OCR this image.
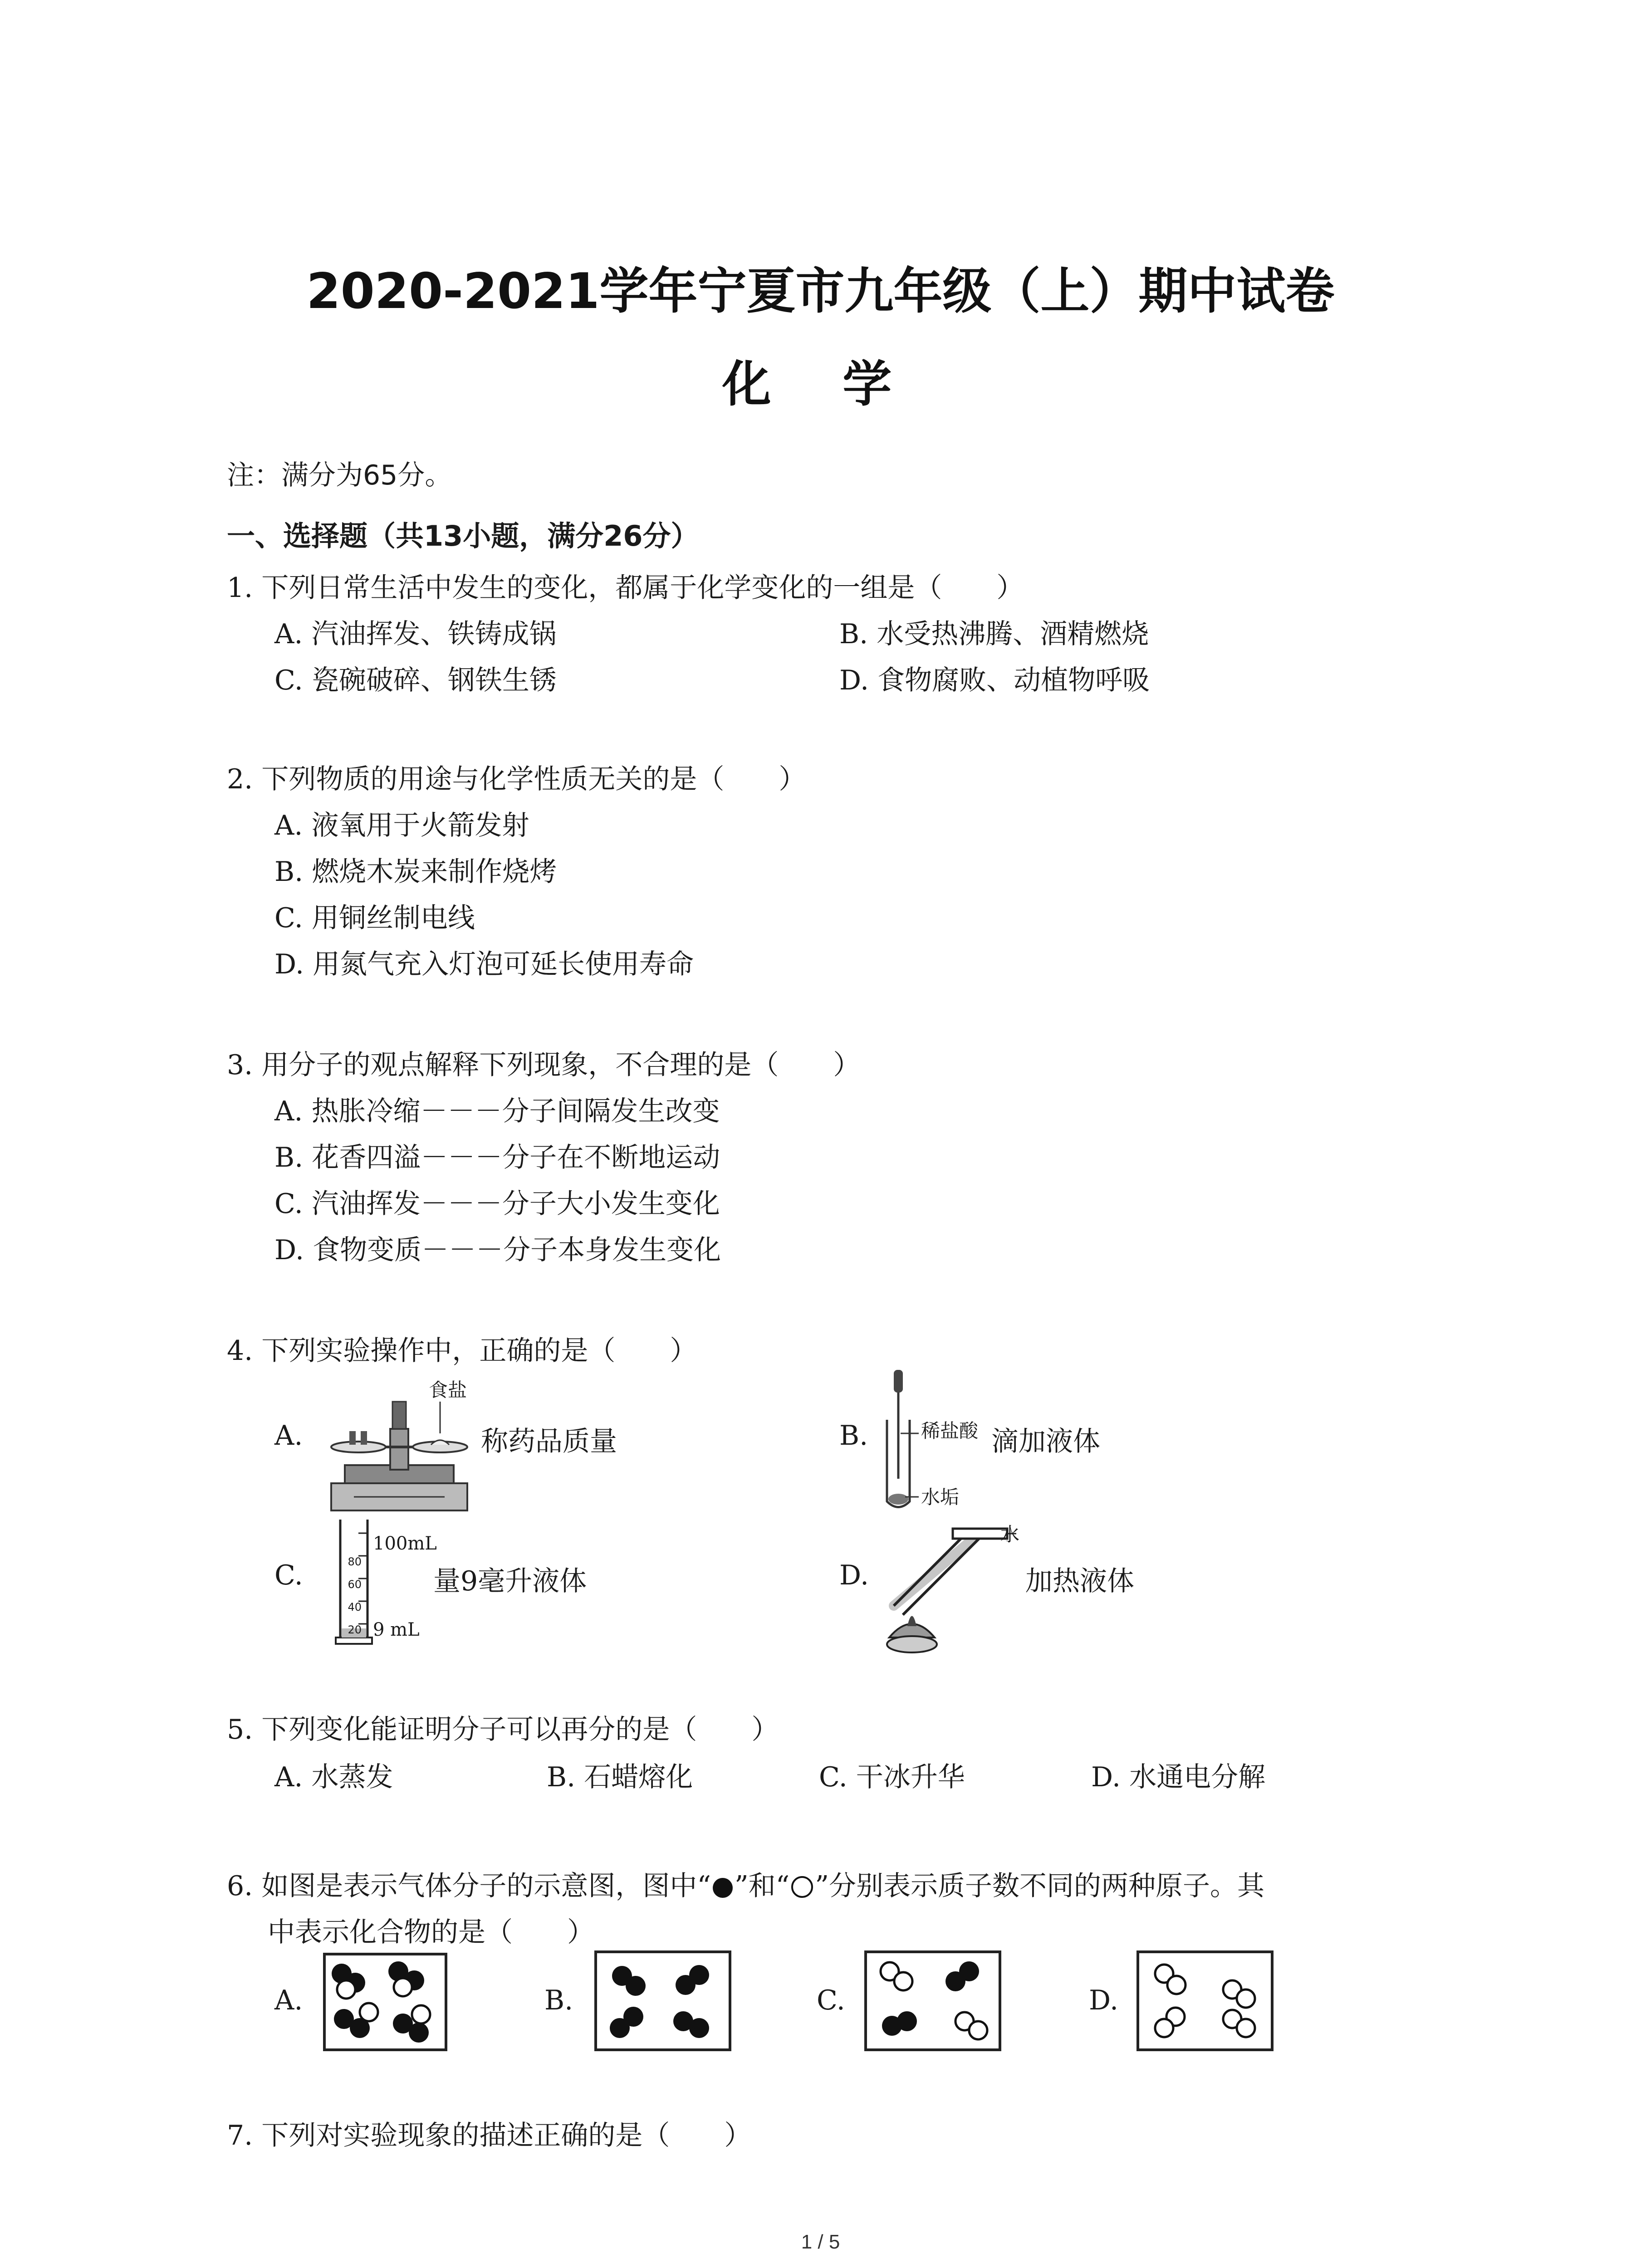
2020-2021学年宁夏市九年级（上）期中试卷
化 学
注：满分为65分。
一、选择题（共13小题，满分26分）
1. 下列日常生活中发生的变化，都属于化学变化的一组是（　　）
A. 汽油挥发、铁铸成锅	B. 水受热沸腾、酒精燃烧
C. 瓷碗破碎、钢铁生锈	D. 食物腐败、动植物呼吸
2. 下列物质的用途与化学性质无关的是（　　）
A. 液氧用于火箭发射
B. 燃烧木炭来制作烧烤
C. 用铜丝制电线
D. 用氮气充入灯泡可延长使用寿命
3. 用分子的观点解释下列现象，不合理的是（　　）
A. 热胀冷缩－－－分子间隔发生改变
B. 花香四溢－－－分子在不断地运动
C. 汽油挥发－－－分子大小发生变化
D. 食物变质－－－分子本身发生变化
4. 下列实验操作中，正确的是（　　）
A.
食盐
称药品质量	B.	稀盐酸
水垢
滴加液体
C.	80
60
40
20
100mL
9 mL
量9毫升液体	D.
水
加热液体
5. 下列变化能证明分子可以再分的是（　　）
A. 水蒸发	B. 石蜡熔化	C. 干冰升华	D. 水通电分解
6. 如图是表示气体分子的示意图，图中“ ”和“ ”分别表示质子数不同的两种原子。其
中表示化合物的是（　　）
A.	B.	C.	D.
7. 下列对实验现象的描述正确的是（　　）
1 / 5
